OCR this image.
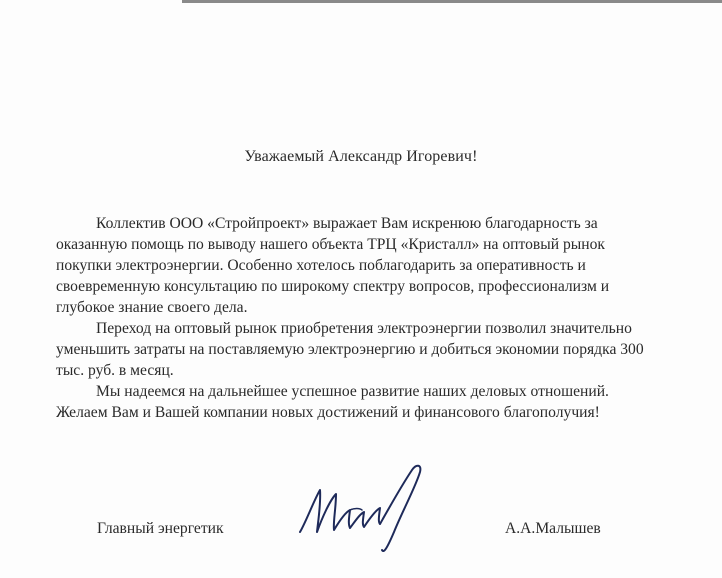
Уважаемый Александр Игоревич!
Коллектив ООО «Стройпроект» выражает Вам искренюю благодарность за
оказанную помощь по выводу нашего объекта ТРЦ «Кристалл» на оптовый рынок
покупки электроэнергии. Особенно хотелось поблагодарить за оперативность и
своевременную консультацию по широкому спектру вопросов, профессионализм и
глубокое знание своего дела.
Переход на оптовый рынок приобретения электроэнергии позволил значительно
уменьшить затраты на поставляемую электроэнергию и добиться экономии порядка 300
тыс. руб. в месяц.
Мы надеемся на дальнейшее успешное развитие наших деловых отношений.
Желаем Вам и Вашей компании новых достижений и финансового благополучия!
Главный энергетик	А.А.Малышев
